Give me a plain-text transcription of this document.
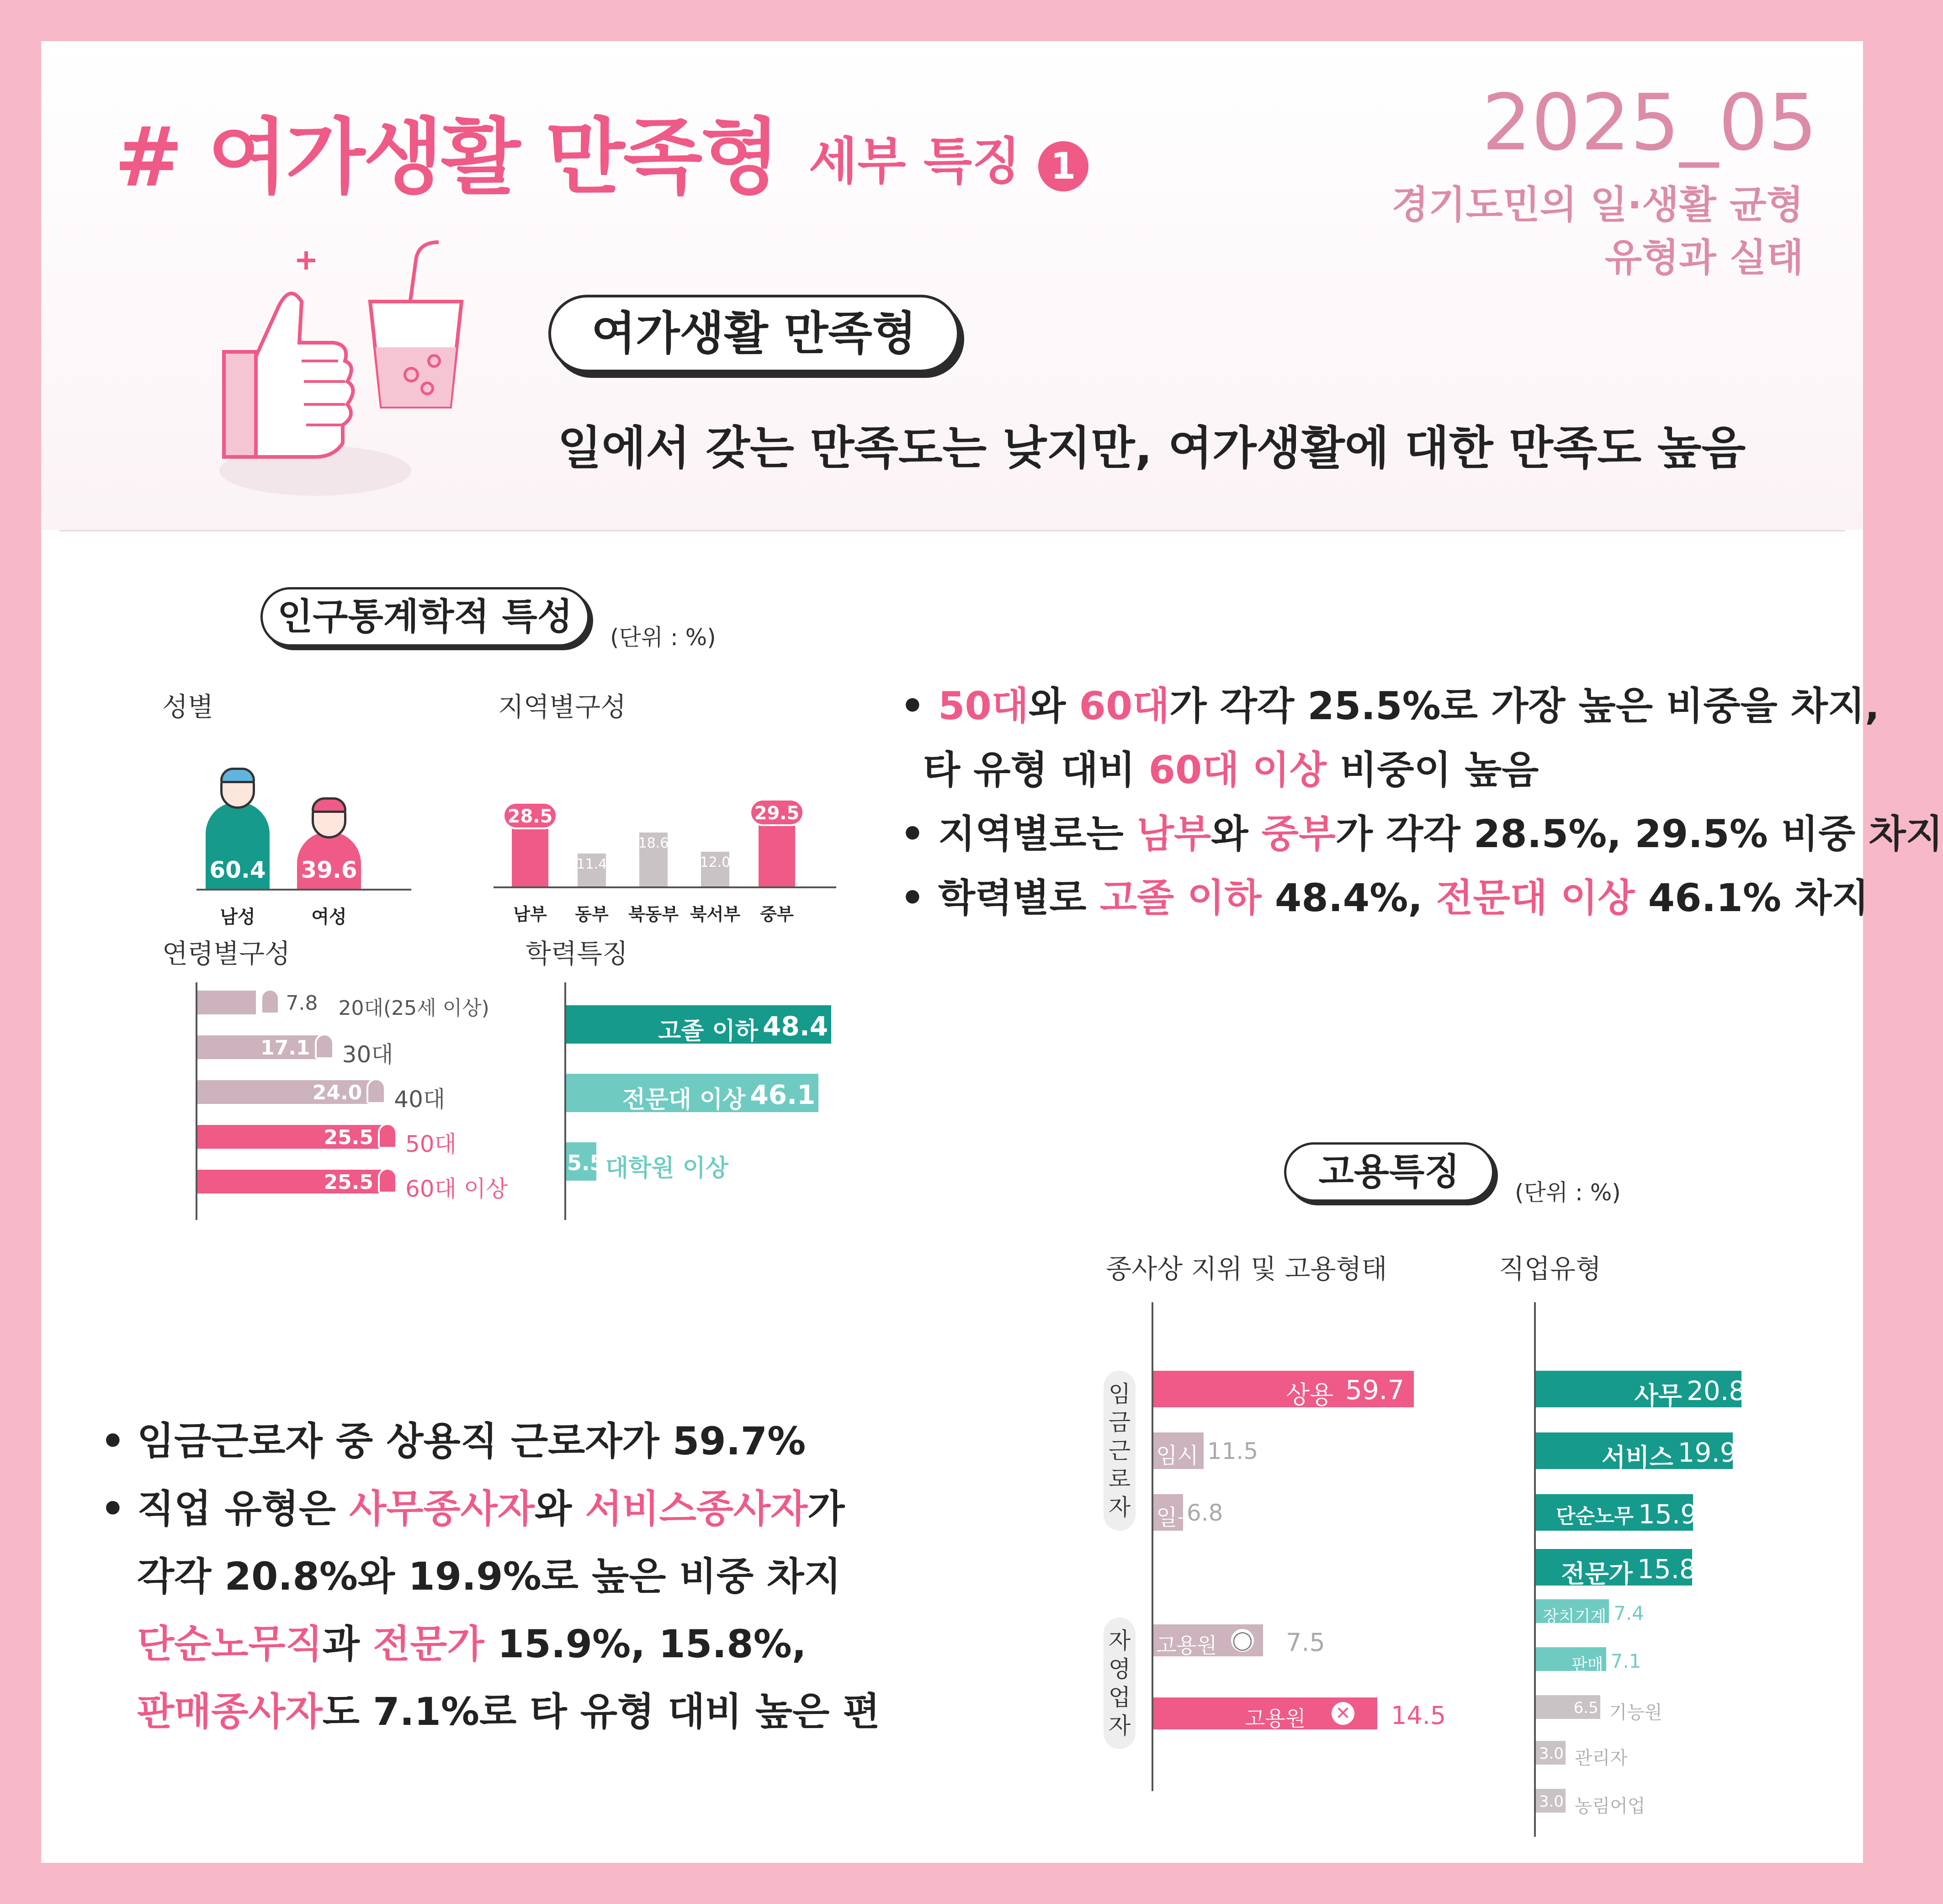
# 여가생활 만족형 세부 특징 1	2025_05
경기도민의 일·생활 균형
유형과 실태
여가생활 만족형
일에서 갖는 만족도는 낮지만, 여가생활에 대한 만족도 높음
인구통계학적 특성	(단위 : %)
성별
60.4
남성
39.6
여성
지역별구성
28.5
남부
11.4
동부
18.6
북동부
12.0
북서부
29.5
중부
연령별구성
7.8 20대(25세 이상)
17.1 30대
24.0 40대
25.5 50대
25.5 60대 이상
학력특징
고졸 이하 48.4
전문대 이상 46.1
5.5 대학원 이상
• 50대와 60대가 각각 25.5%로 가장 높은 비중을 차지,
타 유형 대비 60대 이상 비중이 높음
• 지역별로는 남부와 중부가 각각 28.5%, 29.5% 비중 차지
• 학력별로 고졸 이하 48.4%, 전문대 이상 46.1% 차지
고용특징	(단위 : %)
종사상 지위 및 고용형태
임
금
근
로
자
자
영
업
자
상용 59.7
임시 11.5
일용
6.8
고용원 ◯ 7.5
고용원 ✕ 14.5
직업유형
사무 20.8
서비스 19.9
단순노무 15.9
전문가 15.8
장치기계 7.4
판매 7.1
6.5 기능원
3.0 관리자
3.0 농림어업
• 임금근로자 중 상용직 근로자가 59.7%
• 직업 유형은 사무종사자와 서비스종사자가
각각 20.8%와 19.9%로 높은 비중 차지
단순노무직과 전문가 15.9%, 15.8%,
판매종사자도 7.1%로 타 유형 대비 높은 편
